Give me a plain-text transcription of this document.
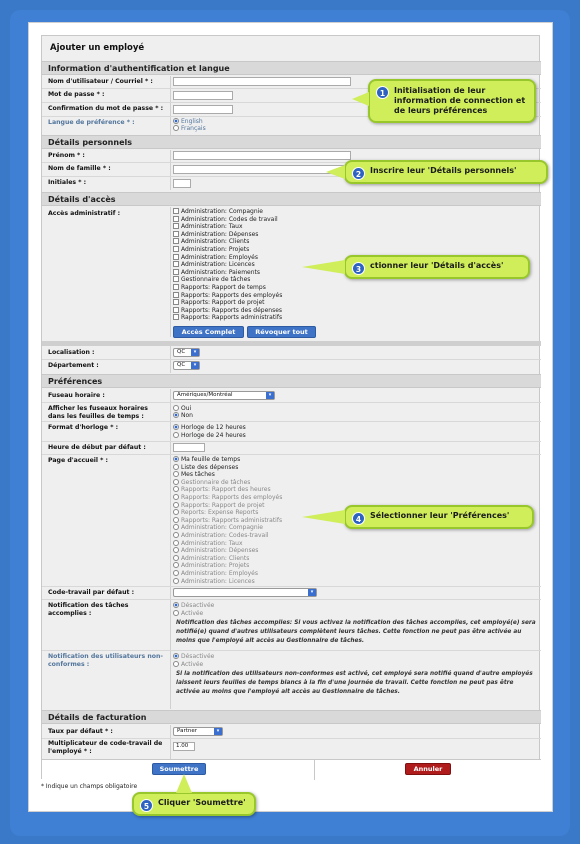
Ajouter un employé
Information d'authentification et langue
Nom d'utilisateur / Courriel * :
Mot de passe * :
Confirmation du mot de passe * :
Langue de préférence * :	English
Français
Détails personnels
Prénom * :
Nom de famille * :
Initiales * :
Détails d'accès
Accès administratif :	Administration: Compagnie
Administration: Codes de travail
Administration: Taux
Administration: Dépenses
Administration: Clients
Administration: Projets
Administration: Employés
Administration: Licences
Administration: Paiements
Gestionnaire de tâches
Rapports: Rapport de temps
Rapports: Rapports des employés
Rapports: Rapport de projet
Rapports: Rapports des dépenses
Rapports: Rapports administratifs
Accès Complet	Révoquer tout
Localisation :	QC	▾
Département :	QC	▾
Préférences
Fuseau horaire :	Amériques/Montréal	▾
Afficher les fuseaux horaires dans les feuilles de temps :
Oui
Non
Format d'horloge * :	Horloge de 12 heures
Horloge de 24 heures
Heure de début par défaut :
Page d'accueil * :	Ma feuille de temps
Liste des dépenses
Mes tâches
Gestionnaire de tâches
Rapports: Rapport des heures
Rapports: Rapports des employés
Rapports: Rapport de projet
Reports: Expense Reports
Rapports: Rapports administratifs
Administration: Compagnie
Administration: Codes-travail
Administration: Taux
Administration: Dépenses
Administration: Clients
Administration: Projets
Administration: Employés
Administration: Licences
Code-travail par défaut :	▾
Notification des tâches accomplies :
Désactivée
Activée
Notification des tâches accomplies: Si vous activez la notification des tâches accomplies, cet employé(e) sera notifié(e) quand d'autres utilisateurs complètent leurs tâches. Cette fonction ne peut pas être activée au moins que l'employé ait accès au Gestionnaire de tâches.
Notification des utilisateurs non-conformes :
Désactivée
Activée
Si la notification des utilisateurs non-conformes est activé, cet employé sera notifié quand d'autre employés laissent leurs feuilles de temps blancs à la fin d'une journée de travail. Cette fonction ne peut pas être activée au moins que l'employé ait accès au Gestionnaire de tâches.
Détails de facturation
Taux par défaut * :	Partner	▾
Multiplicateur de code-travail de l'employé * :
1.00
Soumettre	Annuler
* Indique un champs obligatoire
1	Initialisation de leur information de connection et de leurs préférences
2	Inscrire leur 'Détails personnels'
3	ctionner leur 'Détails d'accès'
4	Sélectionner leur 'Préférences'
5	Cliquer 'Soumettre'
